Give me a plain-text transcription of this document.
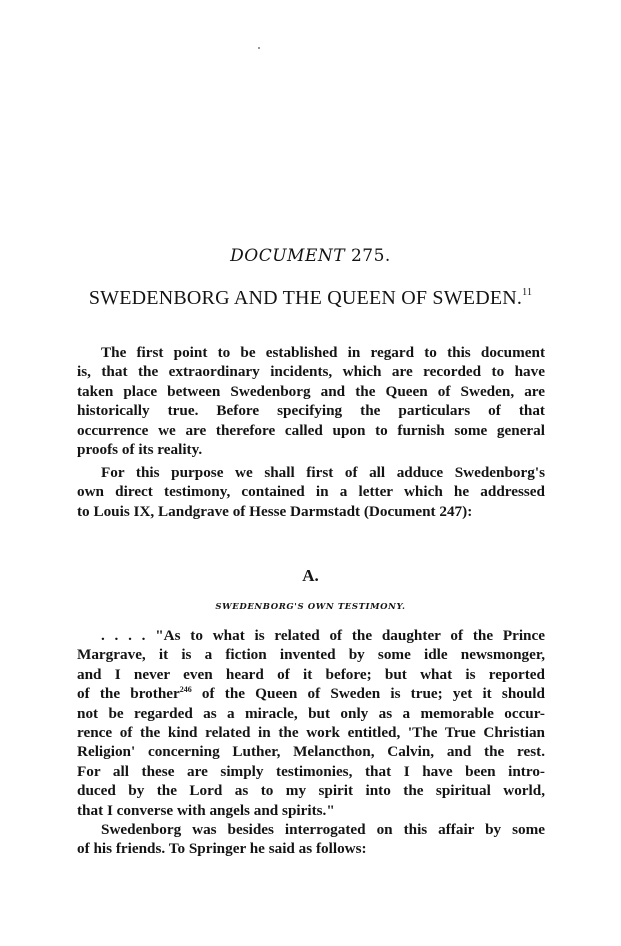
DOCUMENT 275.
SWEDENBORG AND THE QUEEN OF SWEDEN.$^{11}$

The first point to be established in regard to this document
is, that the extraordinary incidents, which are recorded to have
taken place between Swedenborg and the Queen of Sweden, are
historically true. Before specifying the particulars of that
occurrence we are therefore called upon to furnish some general
proofs of its reality.

For this purpose we shall first of all adduce Swedenborg's
own direct testimony, contained in a letter which he addressed
to Louis IX, Landgrave of Hesse Darmstadt (Document 247):

A.
SWEDENBORG'S OWN TESTIMONY.

. . . . "As to what is related of the daughter of the Prince
Margrave, it is a fiction invented by some idle newsmonger,
and I never even heard of it before; but what is reported
of the brother$^{246}$ of the Queen of Sweden is true; yet it should
not be regarded as a miracle, but only as a memorable occur-
rence of the kind related in the work entitled, 'The True Christian
Religion' concerning Luther, Melancthon, Calvin, and the rest.
For all these are simply testimonies, that I have been intro-
duced by the Lord as to my spirit into the spiritual world,
that I converse with angels and spirits."

Swedenborg was besides interrogated on this affair by some
of his friends. To Springer he said as follows:
